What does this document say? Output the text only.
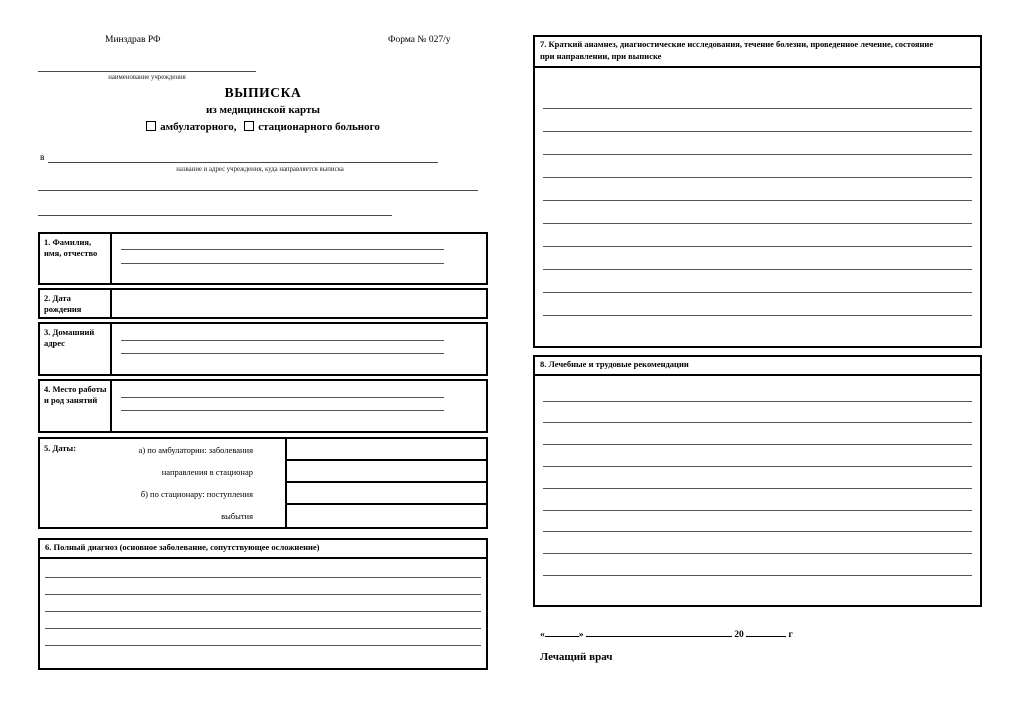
Минздрав РФ	Форма № 027/у
наименование учреждения
ВЫПИСКА
из медицинской карты
амбулаторного, стационарного больного
в
название и адрес учреждения, куда направляется выписка
1. Фамилия, имя, отчество
2. Дата рождения
3. Домашний адрес
4. Место работы и род занятий
5. Даты:	а) по амбулатории: заболевания
направления в стационар
б) по стационару: поступления
выбытия
6. Полный диагноз (основное заболевание, сопутствующее осложнение)
7. Краткий анамнез, диагностические исследования, течение болезни, проведенное лечение, состояние при направлении, при выписке
8. Лечебные и трудовые рекомендации
«	»	20	г
Лечащий врач
